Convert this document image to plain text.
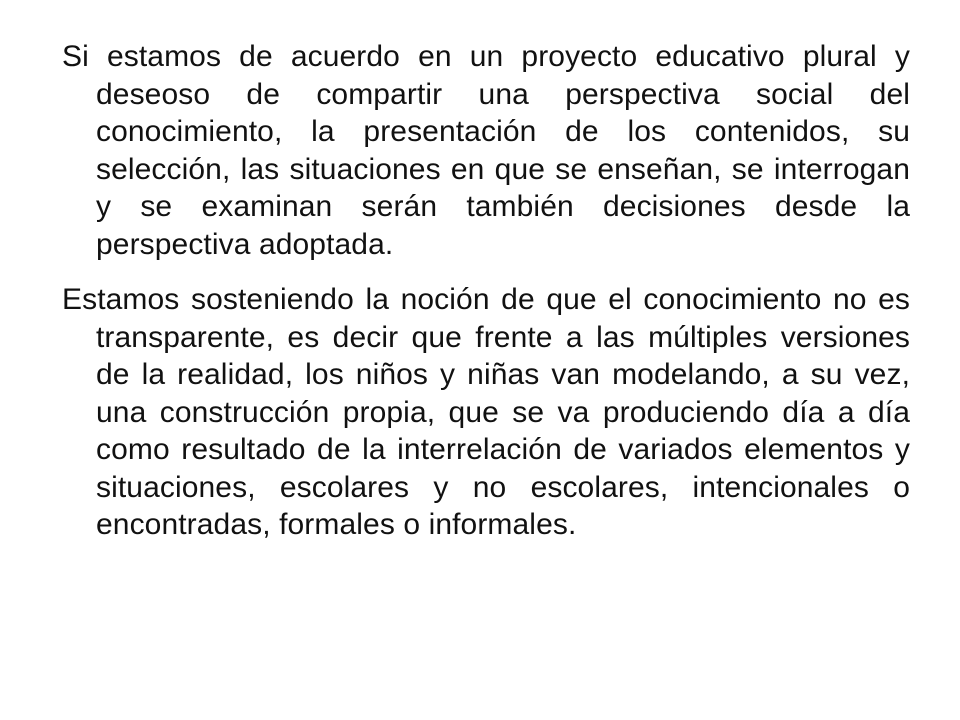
Si estamos de acuerdo en un proyecto educativo plural y deseoso de compartir una perspectiva social del conocimiento, la presentación de los contenidos, su selección, las situaciones en que se enseñan, se interrogan y se examinan serán también decisiones desde la perspectiva adoptada.

Estamos sosteniendo la noción de que el conocimiento no es transparente, es decir que frente a las múltiples versiones de la realidad, los niños y niñas van modelando, a su vez, una construcción propia, que se va produciendo día a día como resultado de la interrelación de variados elementos y situaciones, escolares y no escolares, intencionales o encontradas, formales o informales.
